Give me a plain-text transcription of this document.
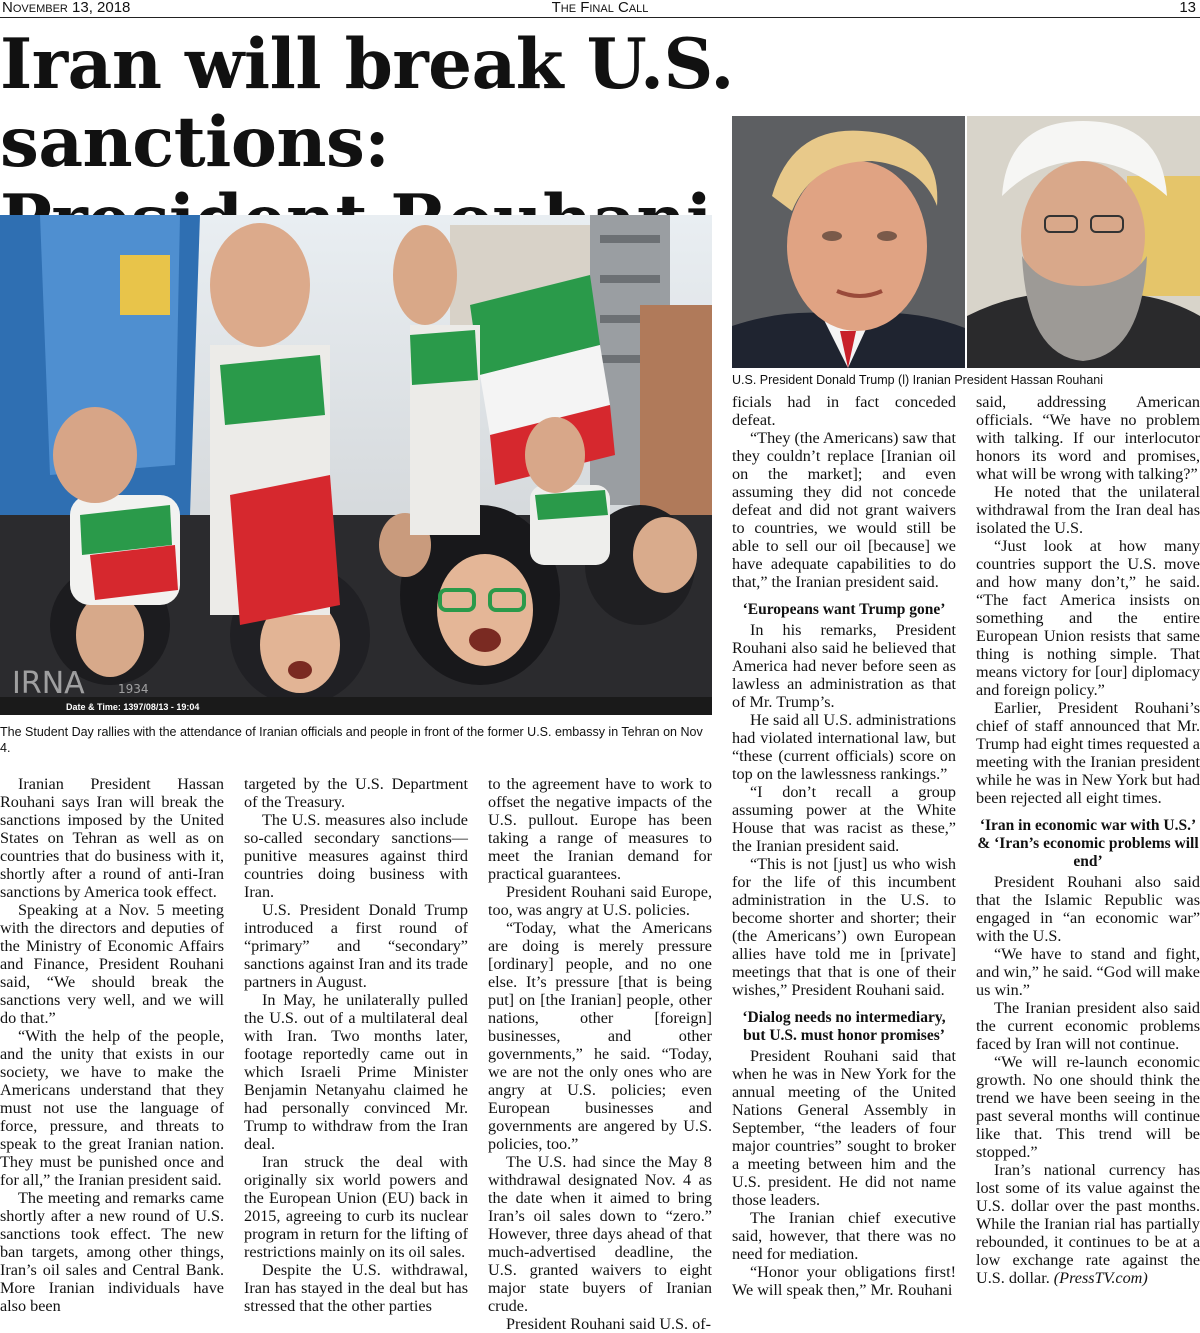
November 13, 2018	The Final Call	13
Iran will break U.S. sanctions:

IRNA	1934
Date & Time: 1397/08/13 - 19:04
The Student Day rallies with the attendance of Iranian officials and people in front of the former U.S. embassy in Tehran on Nov 4.
U.S. President Donald Trump (l) Iranian President Hassan Rouhani

Iranian President Hassan Rouhani says Iran will break the sanctions imposed by the United States on Tehran as well as on countries that do business with it, shortly after a round of anti-Iran sanctions by America took effect.

Speaking at a Nov. 5 meeting with the directors and deputies of the Ministry of Economic Affairs and Finance, President Rouhani said, “We should break the sanctions very well, and we will do that.”

“With the help of the people, and the unity that exists in our society, we have to make the Americans understand that they must not use the language of force, pressure, and threats to speak to the great Iranian nation. They must be punished once and for all,” the Iranian president said.

The meeting and remarks came shortly after a new round of U.S. sanctions took effect. The new ban targets, among other things, Iran’s oil sales and Central Bank. More Iranian individuals have also been

targeted by the U.S. Department of the Treasury.

The U.S. measures also include so-called secondary sanctions—punitive measures against third countries doing business with Iran.

U.S. President Donald Trump introduced a first round of “primary” and “secondary” sanctions against Iran and its trade partners in August.

In May, he unilaterally pulled the U.S. out of a multilateral deal with Iran. Two months later, footage reportedly came out in which Israeli Prime Minister Benjamin Netanyahu claimed he had personally convinced Mr. Trump to withdraw from the Iran deal.

Iran struck the deal with originally six world powers and the European Union (EU) back in 2015, agreeing to curb its nuclear program in return for the lifting of restrictions mainly on its oil sales.

Despite the U.S. withdrawal, Iran has stayed in the deal but has stressed that the other parties

to the agreement have to work to offset the negative impacts of the U.S. pullout. Europe has been taking a range of measures to meet the Iranian demand for practical guarantees.

President Rouhani said Europe, too, was angry at U.S. policies.

“Today, what the Americans are doing is merely pressure [ordinary] people, and no one else. It’s pressure [that is being put] on [the Iranian] people, other nations, other [foreign] businesses, and other governments,” he said. “Today, we are not the only ones who are angry at U.S. policies; even European businesses and governments are angered by U.S. policies, too.”

The U.S. had since the May 8 withdrawal designated Nov. 4 as the date when it aimed to bring Iran’s oil sales down to “zero.” However, three days ahead of that much-advertised deadline, the U.S. granted waivers to eight major state buyers of Iranian crude.

President Rouhani said U.S. of-

ficials had in fact conceded defeat.

“They (the Americans) saw that they couldn’t replace [Iranian oil on the market]; and even assuming they did not concede defeat and did not grant waivers to countries, we would still be able to sell our oil [because] we have adequate capabilities to do that,” the Iranian president said.

‘Europeans want Trump gone’

In his remarks, President Rouhani also said he believed that America had never before seen as lawless an administration as that of Mr. Trump’s.

He said all U.S. administrations had violated international law, but “these (current officials) score on top on the lawlessness rankings.”

“I don’t recall a group assuming power at the White House that was racist as these,” the Iranian president said.

“This is not [just] us who wish for the life of this incumbent administration in the U.S. to become shorter and shorter; their (the Americans’) own European allies have told me in [private] meetings that that is one of their wishes,” President Rouhani said.

‘Dialog needs no intermediary, but U.S. must honor promises’

President Rouhani said that when he was in New York for the annual meeting of the United Nations General Assembly in September, “the leaders of four major countries” sought to broker a meeting between him and the U.S. president. He did not name those leaders.

The Iranian chief executive said, however, that there was no need for mediation.

“Honor your obligations first! We will speak then,” Mr. Rouhani

said, addressing American officials. “We have no problem with talking. If our interlocutor honors its word and promises, what will be wrong with talking?”

He noted that the unilateral withdrawal from the Iran deal has isolated the U.S.

“Just look at how many countries support the U.S. move and how many don’t,” he said. “The fact America insists on something and the entire European Union resists that same thing is nothing simple. That means victory for [our] diplomacy and foreign policy.”

Earlier, President Rouhani’s chief of staff announced that Mr. Trump had eight times requested a meeting with the Iranian president while he was in New York but had been rejected all eight times.

‘Iran in economic war with U.S.’ & ‘Iran’s economic problems will end’

President Rouhani also said that the Islamic Republic was engaged in “an economic war” with the U.S.

“We have to stand and fight, and win,” he said. “God will make us win.”

The Iranian president also said the current economic problems faced by Iran will not continue.

“We will re-launch economic growth. No one should think the trend we have been seeing in the past several months will continue like that. This trend will be stopped.”

Iran’s national currency has lost some of its value against the U.S. dollar over the past months. While the Iranian rial has partially rebounded, it continues to be at a low exchange rate against the U.S. dollar. (PressTV.com)
